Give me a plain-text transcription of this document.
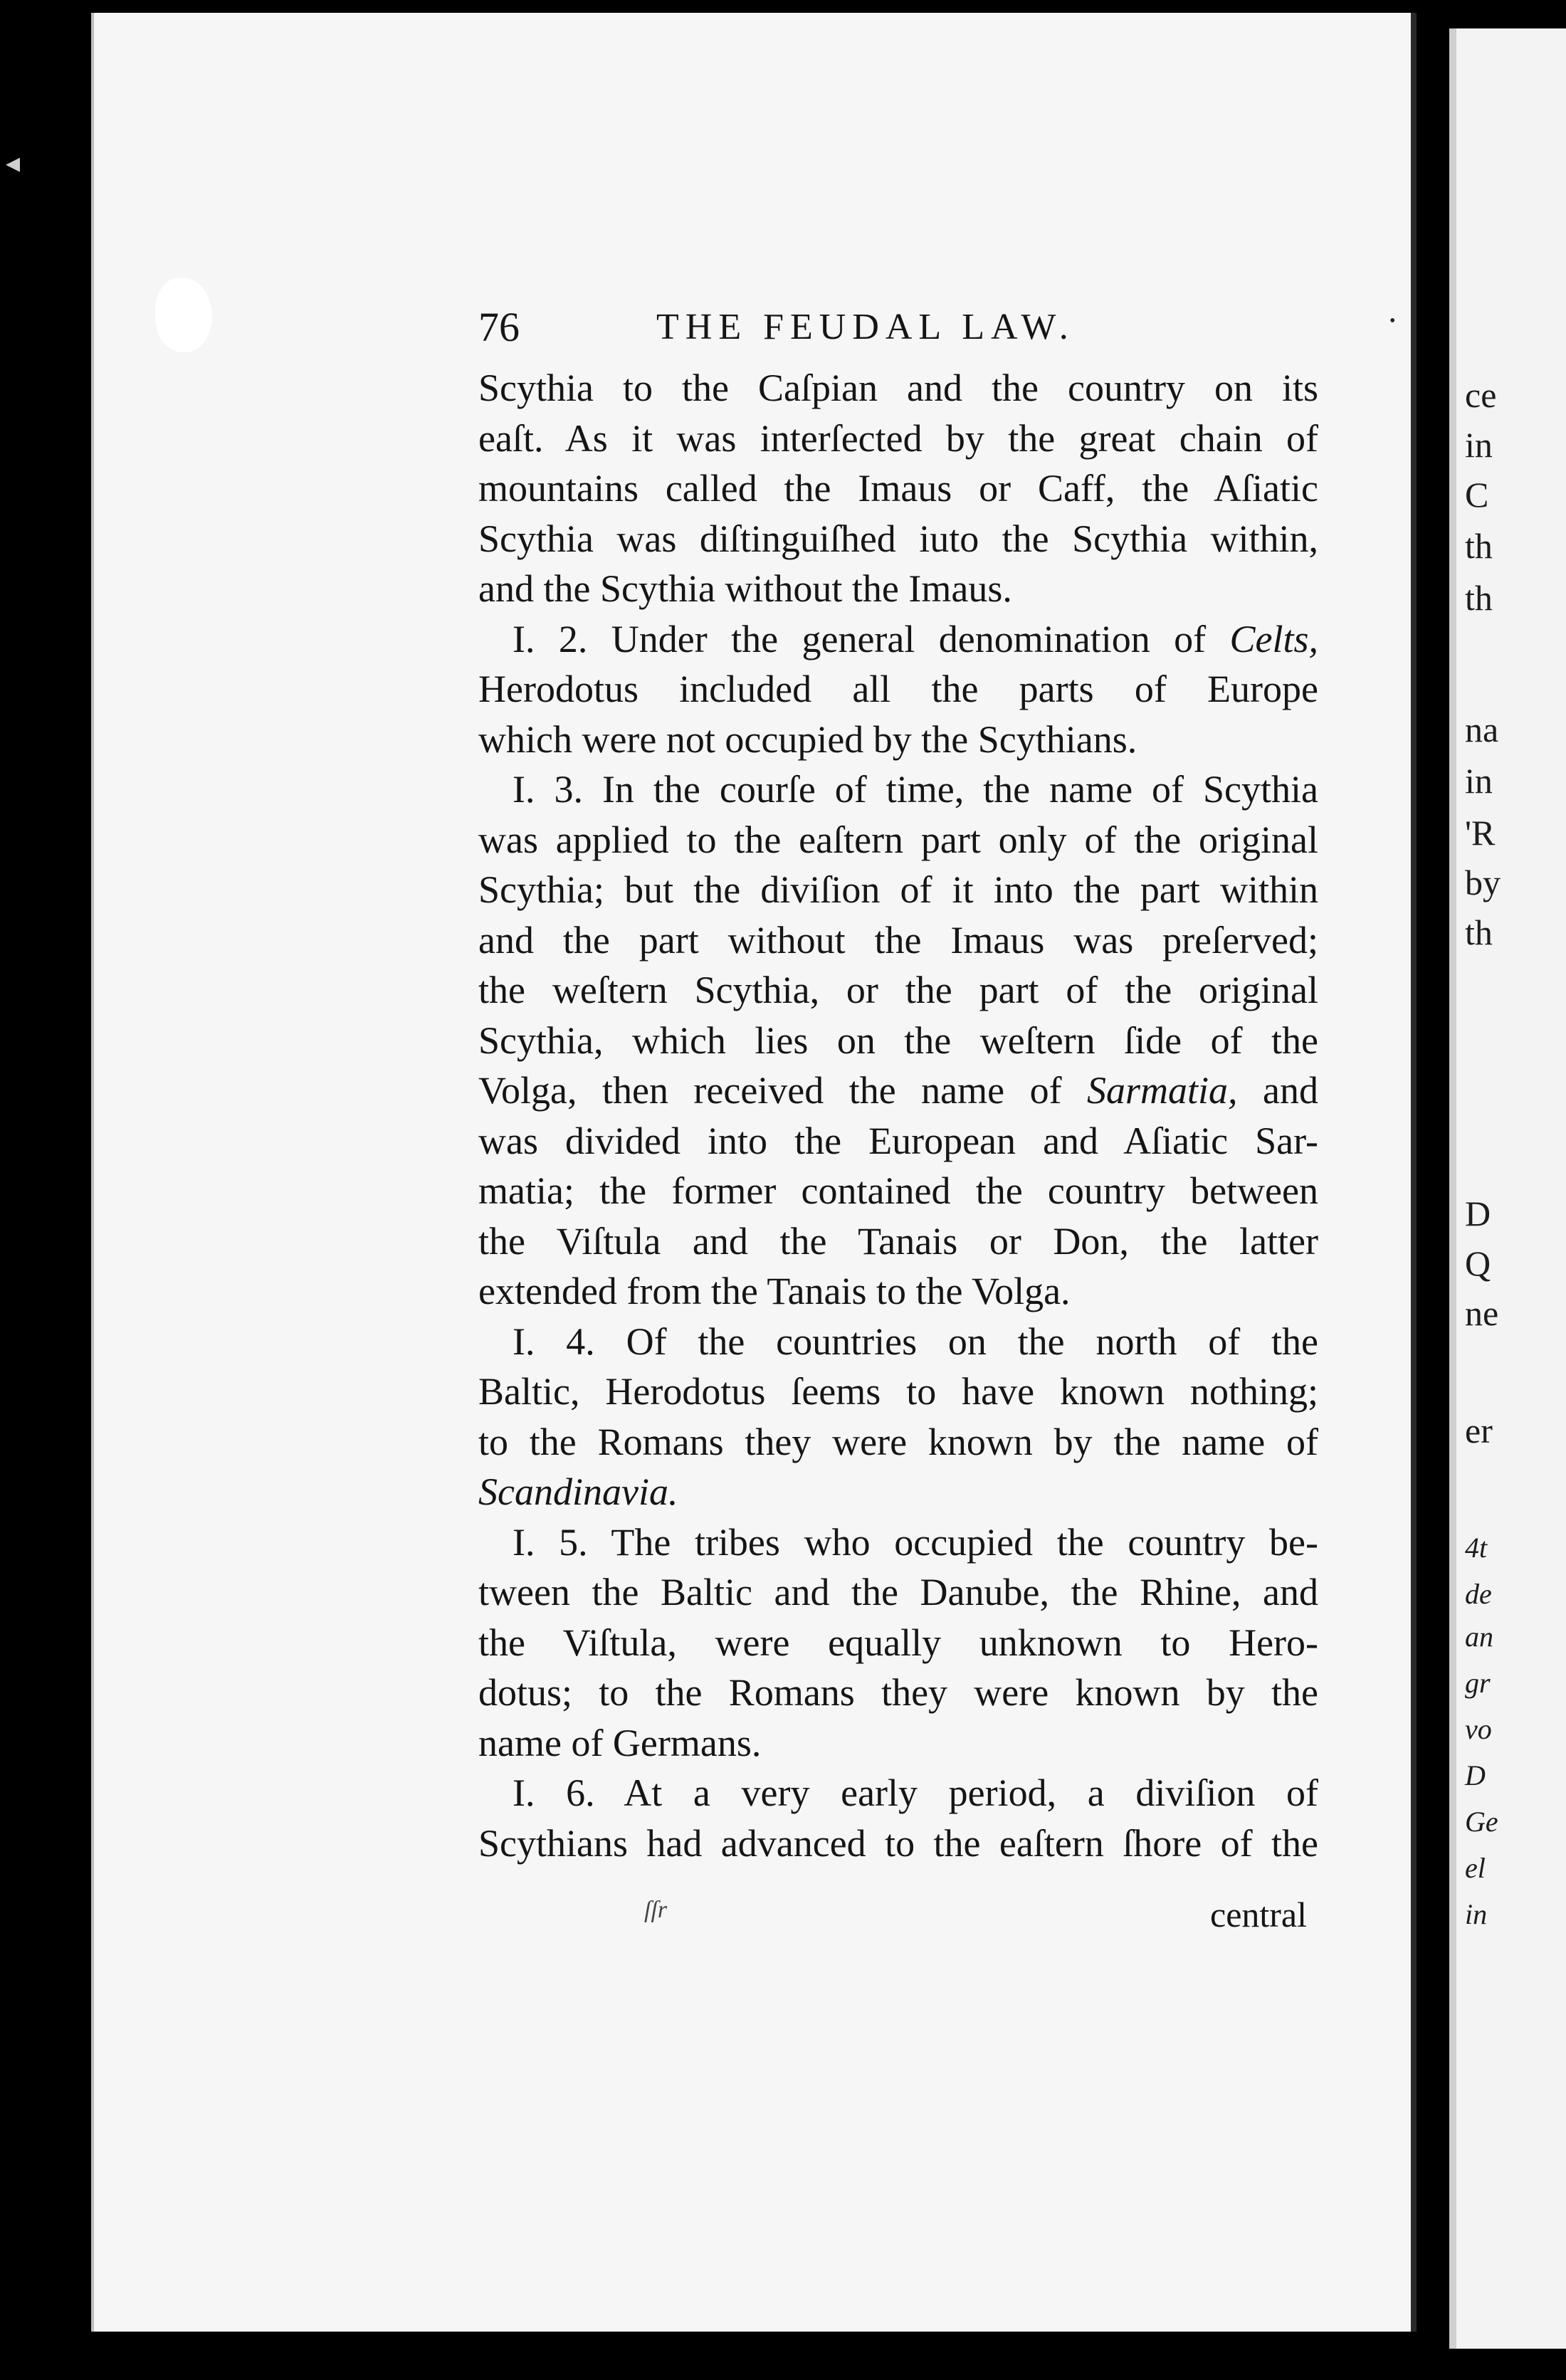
76	THE FEUDAL LAW.
Scythia to the Caſpian and the country on its
eaſt. As it was interſected by the great chain of
mountains called the Imaus or Caff, the Aſiatic
Scythia was diſtinguiſhed iuto the Scythia within,
and the Scythia without the Imaus.
I. 2. Under the general denomination of Celts,
Herodotus included all the parts of Europe
which were not occupied by the Scythians.
I. 3. In the courſe of time, the name of Scythia
was applied to the eaſtern part only of the original
Scythia; but the diviſion of it into the part within
and the part without the Imaus was preſerved;
the weſtern Scythia, or the part of the original
Scythia, which lies on the weſtern ſide of the
Volga, then received the name of Sarmatia, and
was divided into the European and Aſiatic Sar-
matia; the former contained the country between
the Viſtula and the Tanais or Don, the latter
extended from the Tanais to the Volga.
I. 4. Of the countries on the north of the
Baltic, Herodotus ſeems to have known nothing;
to the Romans they were known by the name of
Scandinavia.
I. 5. The tribes who occupied the country be-
tween the Baltic and the Danube, the Rhine, and
the Viſtula, were equally unknown to Hero-
dotus; to the Romans they were known by the
name of Germans.
I. 6. At a very early period, a diviſion of
Scythians had advanced to the eaſtern ſhore of the
ſſr	central
ce
in
C
th
th
na
in
'R
by
th
D
Q
ne
er
4t
de
an
gr
vo
D
Ge
el
in
◂
•
